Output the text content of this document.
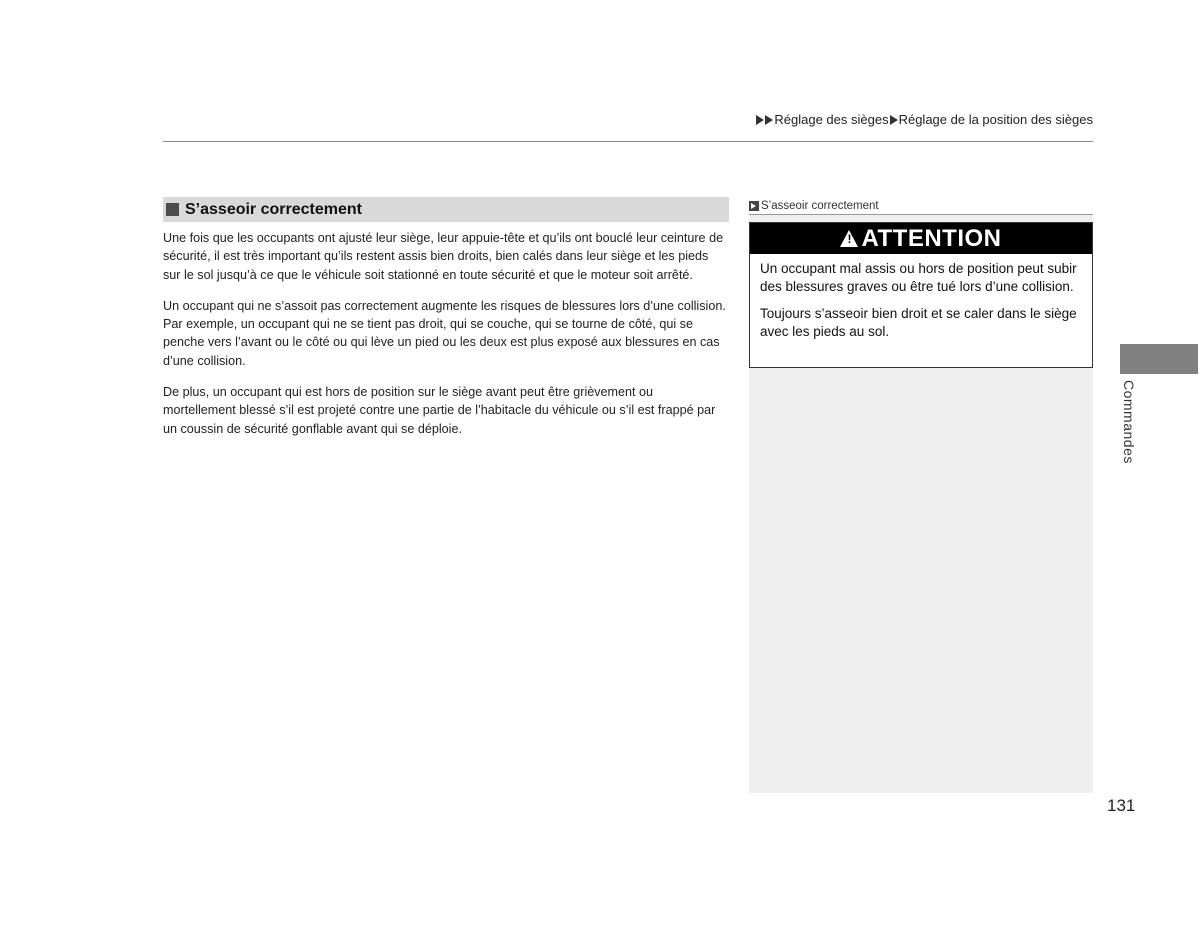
Réglage des sièges Réglage de la position des sièges
S’asseoir correctement

Une fois que les occupants ont ajusté leur siège, leur appuie-tête et qu’ils ont bouclé leur ceinture de sécurité, il est très important qu’ils restent assis bien droits, bien calés dans leur siège et les pieds sur le sol jusqu’à ce que le véhicule soit stationné en toute sécurité et que le moteur soit arrêté.

Un occupant qui ne s’assoit pas correctement augmente les risques de blessures lors d’une collision. Par exemple, un occupant qui ne se tient pas droit, qui se couche, qui se tourne de côté, qui se penche vers l’avant ou le côté ou qui lève un pied ou les deux est plus exposé aux blessures en cas d’une collision.

De plus, un occupant qui est hors de position sur le siège avant peut être grièvement ou mortellement blessé s’il est projeté contre une partie de l’habitacle du véhicule ou s’il est frappé par un coussin de sécurité gonflable avant qui se déploie.

S’asseoir correctement
! ATTENTION

Un occupant mal assis ou hors de position peut subir des blessures graves ou être tué lors d’une collision.

Toujours s’asseoir bien droit et se caler dans le siège avec les pieds au sol.

Commandes
131
